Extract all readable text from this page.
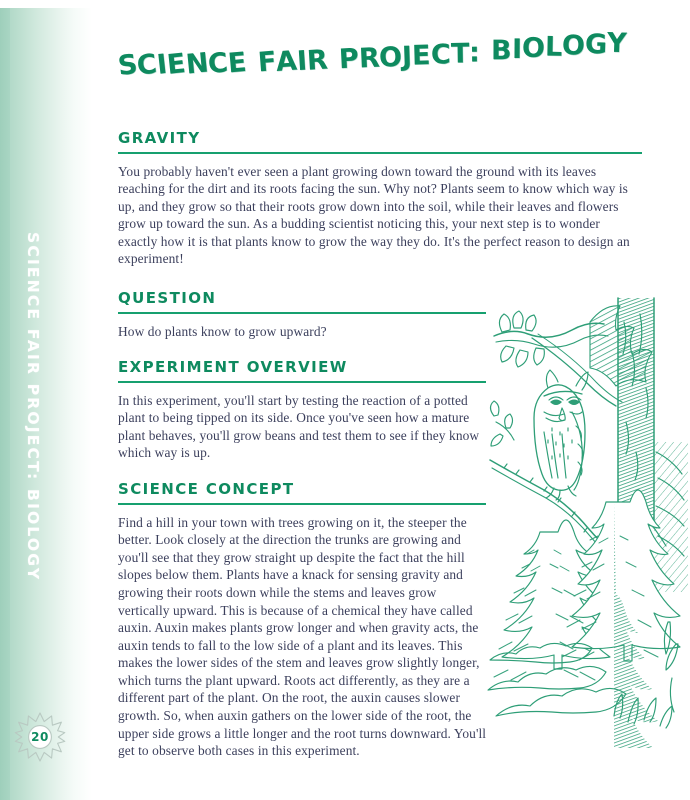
SCIENCE FAIR PROJECT: BIOLOGY
20
SCIENCE FAIR PROJECT: BIOLOGY
GRAVITY

You probably haven't ever seen a plant growing down toward the ground with its leaves reaching for the dirt and its roots facing the sun. Why not? Plants seem to know which way is up, and they grow so that their roots grow down into the soil, while their leaves and flowers grow up toward the sun. As a budding scientist noticing this, your next step is to wonder exactly how it is that plants know to grow the way they do. It's the perfect reason to design an experiment!

QUESTION

How do plants know to grow upward?

EXPERIMENT OVERVIEW

In this experiment, you'll start by testing the reaction of a potted plant to being tipped on its side. Once you've seen how a mature plant behaves, you'll grow beans and test them to see if they know which way is up.

SCIENCE CONCEPT

Find a hill in your town with trees growing on it, the steeper the better. Look closely at the direction the trunks are growing and you'll see that they grow straight up despite the fact that the hill slopes below them. Plants have a knack for sensing gravity and growing their roots down while the stems and leaves grow vertically upward. This is because of a chemical they have called auxin. Auxin makes plants grow longer and when gravity acts, the auxin tends to fall to the low side of a plant and its leaves. This makes the lower sides of the stem and leaves grow slightly longer, which turns the plant upward. Roots act differently, as they are a different part of the plant. On the root, the auxin causes slower growth. So, when auxin gathers on the lower side of the root, the upper side grows a little longer and the root turns downward. You'll get to observe both cases in this experiment.
